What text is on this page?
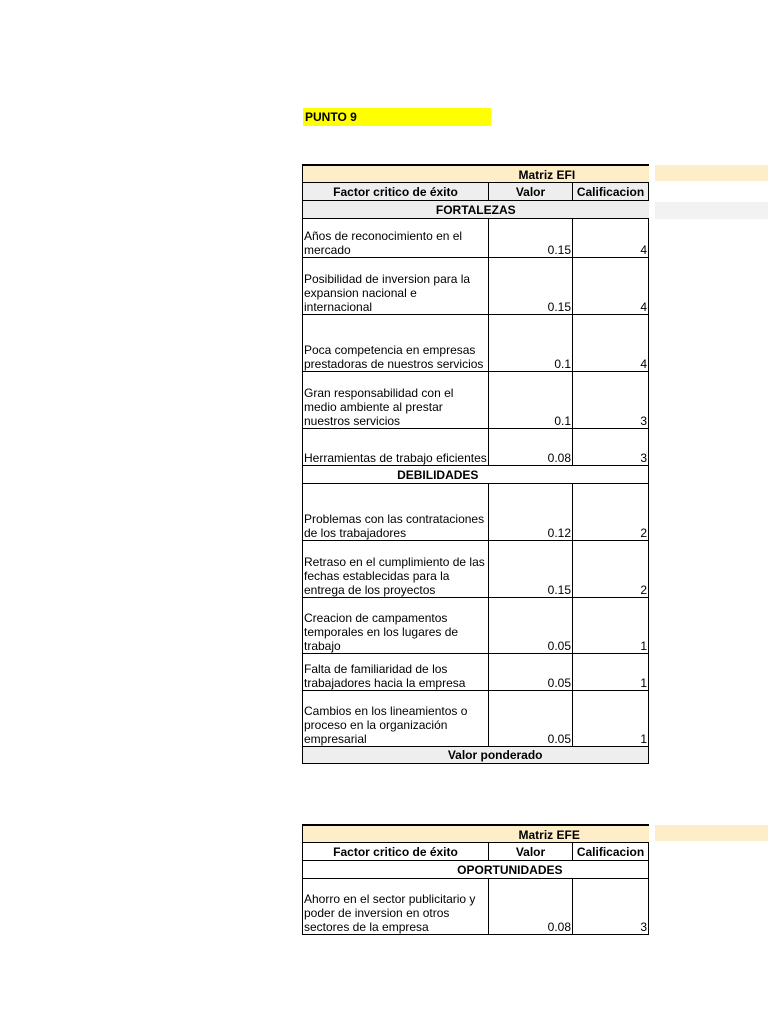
PUNTO 9
	Matriz EFI	
Factor critico de éxito	Valor	Calificacion
FORTALEZAS		
Años de reconocimiento en el mercado	0.15	4
Posibilidad de inversion para la expansion nacional e internacional	0.15	4
Poca competencia en empresas prestadoras de nuestros servicios	0.1	4
Gran responsabilidad con el medio ambiente al prestar nuestros servicios	0.1	3
Herramientas de trabajo eficientes	0.08	3
DEBILIDADES		
Problemas con las contrataciones de los trabajadores	0.12	2
Retraso en el cumplimiento de las fechas establecidas para la entrega de los proyectos	0.15	2
Creacion de campamentos temporales en los lugares de trabajo	0.05	1
Falta de familiaridad de los trabajadores hacia la empresa	0.05	1
Cambios en los lineamientos o proceso en la organización empresarial	0.05	1
Valor ponderado		
	Matriz EFE	
Factor critico de éxito	Valor	Calificacion
OPORTUNIDADES		
Ahorro en el sector publicitario y poder de inversion en otros sectores de la empresa	0.08	3
